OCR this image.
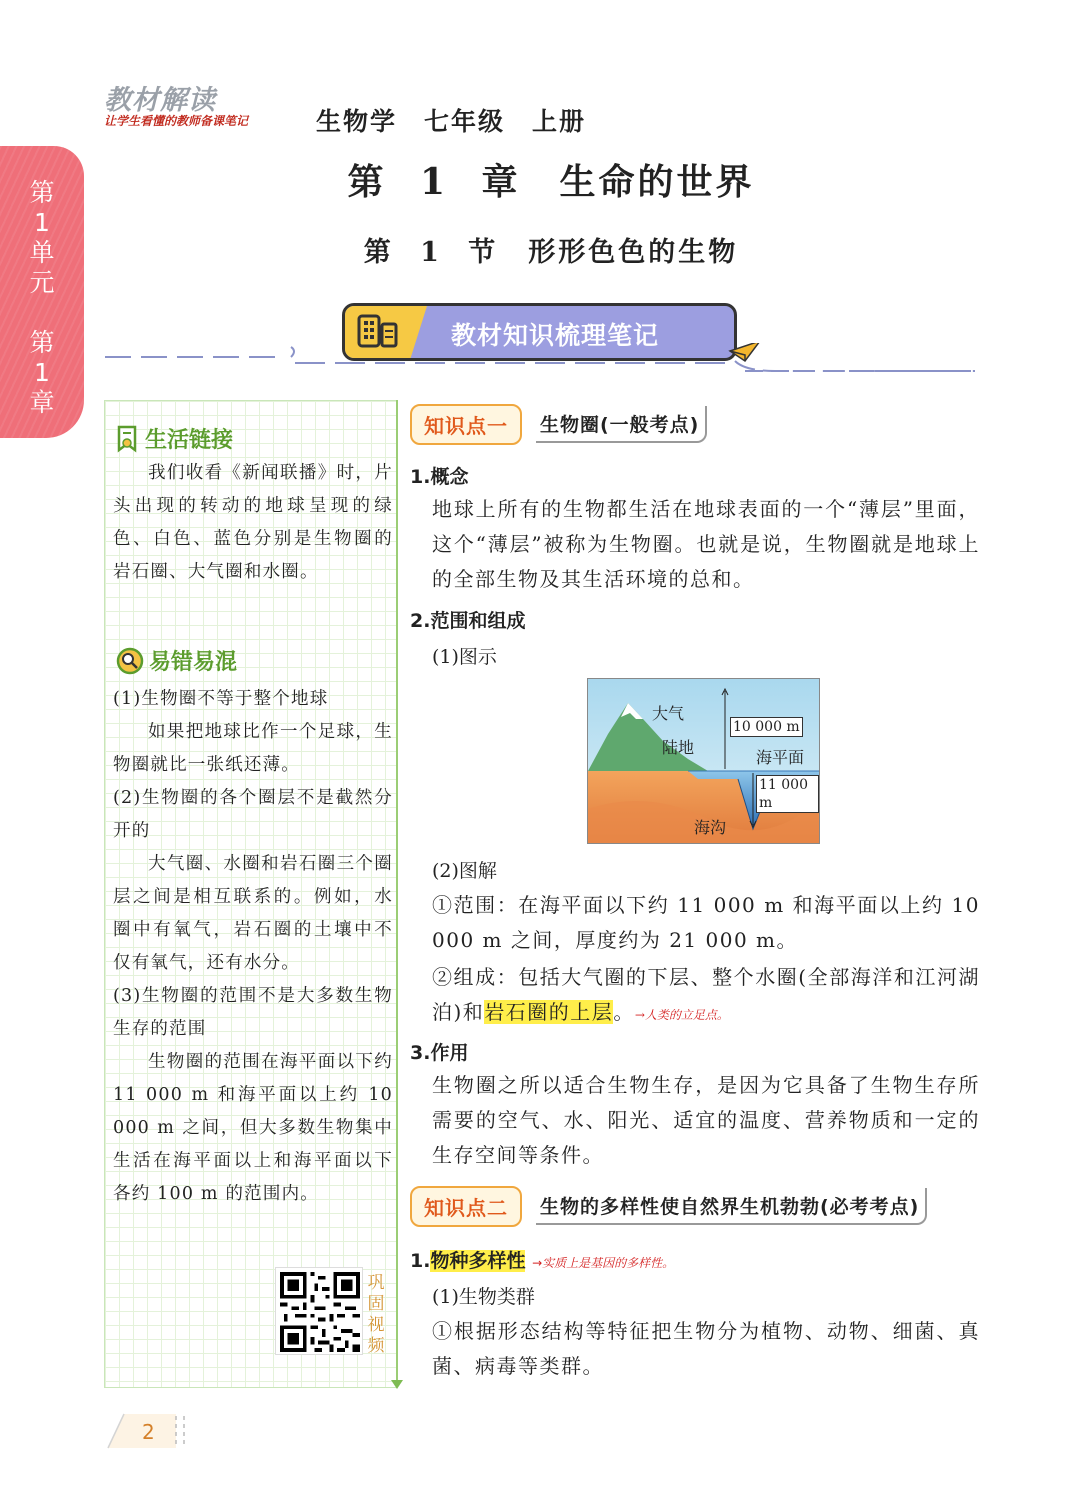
教材解读
让学生看懂的教师备课笔记	生物学　七年级　上册
第
1
单
元

第
1
章
第 1 章　生命的世界
第 1 节　形形色色的生物
教材知识梳理笔记
生活链接
我们收看《新闻联播》时，片头出现的转动的地球呈现的绿色、白色、蓝色分别是生物圈的岩石圈、大气圈和水圈。
易错易混

(1)生物圈不等于整个地球

如果把地球比作一个足球，生物圈就比一张纸还薄。

(2)生物圈的各个圈层不是截然分开的

大气圈、水圈和岩石圈三个圈层之间是相互联系的。例如，水圈中有氧气，岩石圈的土壤中不仅有氧气，还有水分。

(3)生物圈的范围不是大多数生物生存的范围

生物圈的范围在海平面以下约 11 000 m 和海平面以上约 10 000 m 之间，但大多数生物集中生活在海平面以上和海平面以下各约 100 m 的范围内。

巩固视频
知识点一	生物圈(一般考点)
1.概念
地球上所有的生物都生活在地球表面的一个“薄层”里面，这个“薄层”被称为生物圈。也就是说，生物圈就是地球上的全部生物及其生活环境的总和。
2.范围和组成
(1)图示
大气
陆地
10 000 m
海平面
11 000 m
海沟
(2)图解
①范围：在海平面以下约 11 000 m 和海平面以上约 10 000 m 之间，厚度约为 21 000 m。
②组成：包括大气圈的下层、整个水圈(全部海洋和江河湖泊)和岩石圈的上层。→人类的立足点。
3.作用
生物圈之所以适合生物生存，是因为它具备了生物生存所需要的空气、水、阳光、适宜的温度、营养物质和一定的生存空间等条件。
知识点二	生物的多样性使自然界生机勃勃(必考考点)
1.物种多样性 →实质上是基因的多样性。
(1)生物类群
①根据形态结构等特征把生物分为植物、动物、细菌、真菌、病毒等类群。
2
